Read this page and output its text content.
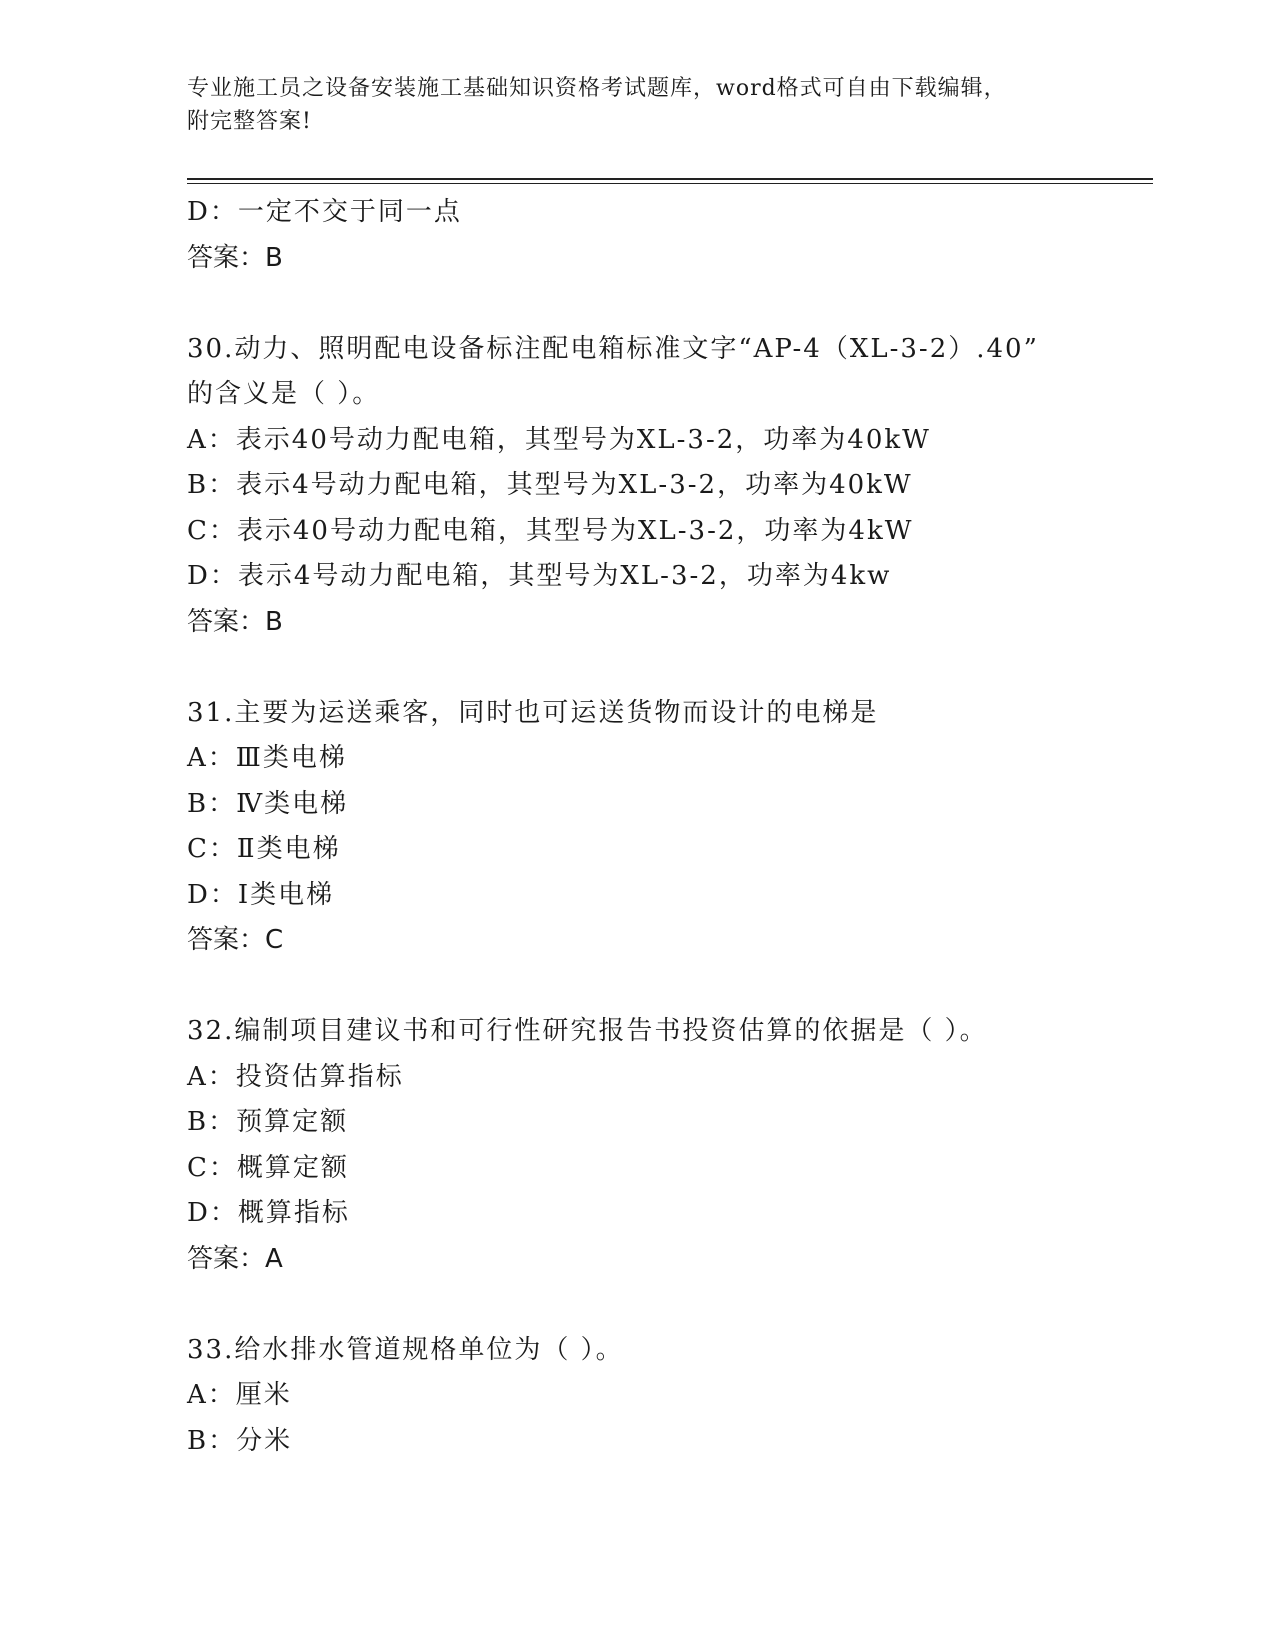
专业施工员之设备安装施工基础知识资格考试题库，word格式可自由下载编辑，
附完整答案!
D：一定不交于同一点
答案：B
30.动力、照明配电设备标注配电箱标准文字“AP-4（XL-3-2）.40”
的含义是（ ）。
A：表示40号动力配电箱，其型号为XL-3-2，功率为40kW
B：表示4号动力配电箱，其型号为XL-3-2，功率为40kW
C：表示40号动力配电箱，其型号为XL-3-2，功率为4kW
D：表示4号动力配电箱，其型号为XL-3-2，功率为4kw
答案：B
31.主要为运送乘客，同时也可运送货物而设计的电梯是
A：Ⅲ类电梯
B：Ⅳ类电梯
C：Ⅱ类电梯
D：Ⅰ类电梯
答案：C
32.编制项目建议书和可行性研究报告书投资估算的依据是（ ）。
A：投资估算指标
B：预算定额
C：概算定额
D：概算指标
答案：A
33.给水排水管道规格单位为（ ）。
A：厘米
B：分米
